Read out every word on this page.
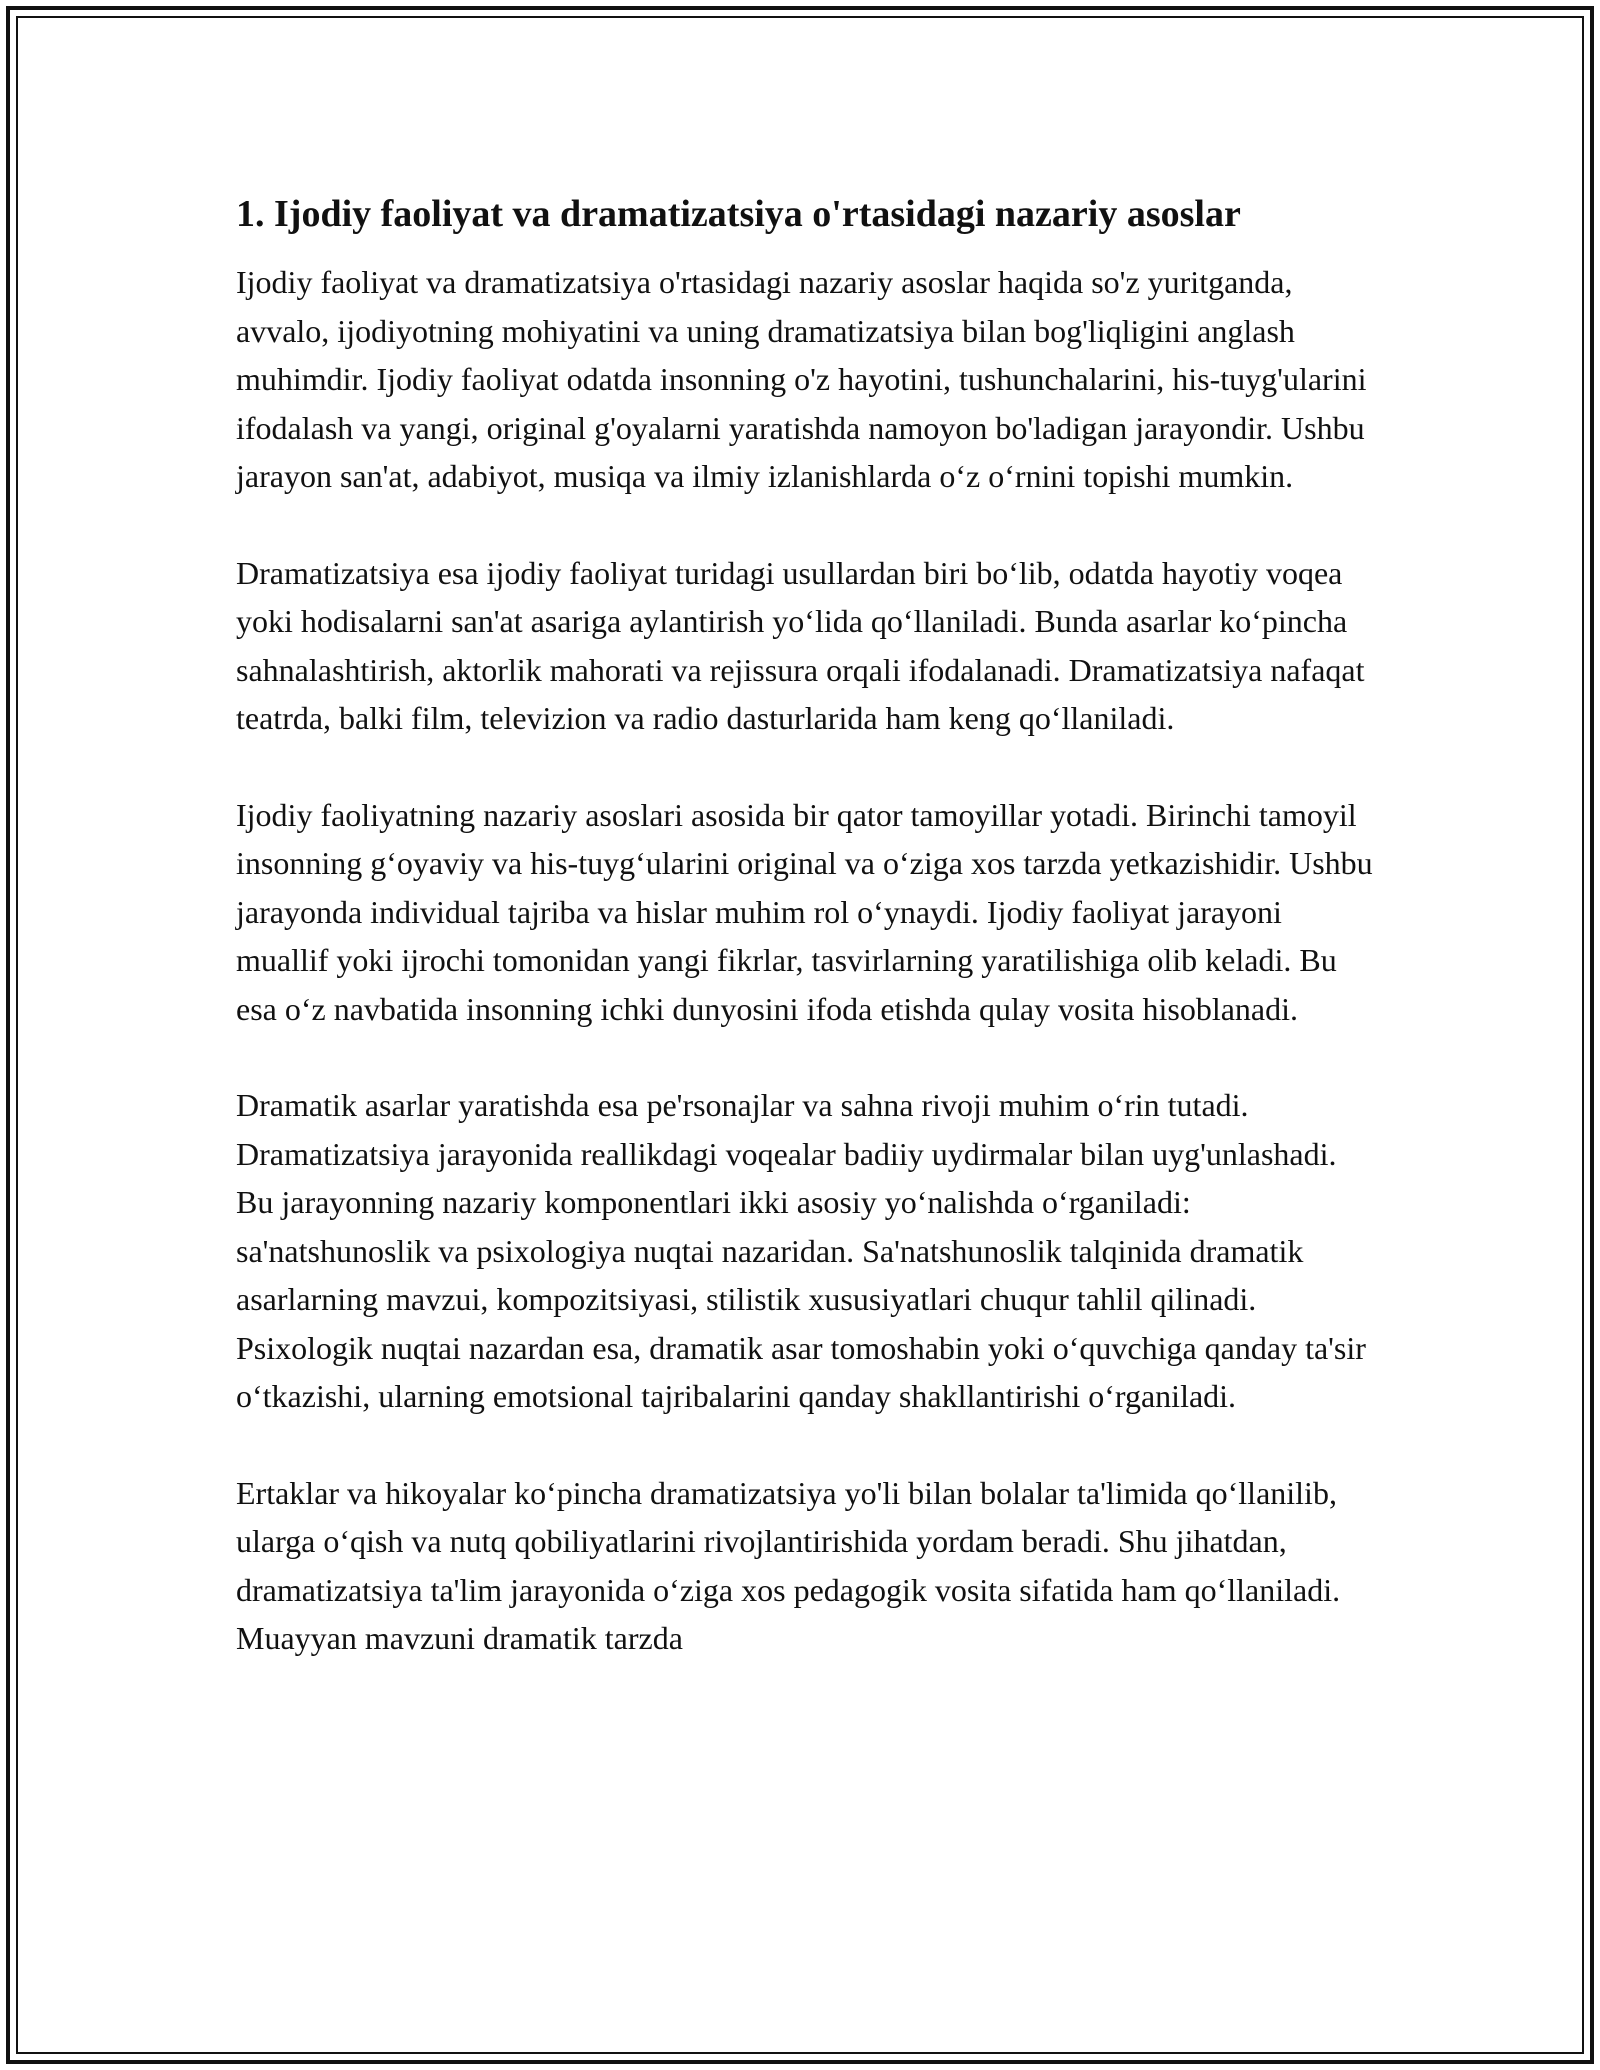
1. Ijodiy faoliyat va dramatizatsiya o'rtasidagi nazariy asoslar

Ijodiy faoliyat va dramatizatsiya o'rtasidagi nazariy asoslar haqida so'z yuritganda, avvalo, ijodiyotning mohiyatini va uning dramatizatsiya bilan bog'liqligini anglash muhimdir. Ijodiy faoliyat odatda insonning o'z hayotini, tushunchalarini, his-tuyg'ularini ifodalash va yangi, original g'oyalarni yaratishda namoyon bo'ladigan jarayondir. Ushbu jarayon san'at, adabiyot, musiqa va ilmiy izlanishlarda oʻz oʻrnini topishi mumkin.

Dramatizatsiya esa ijodiy faoliyat turidagi usullardan biri boʻlib, odatda hayotiy voqea yoki hodisalarni san'at asariga aylantirish yoʻlida qoʻllaniladi. Bunda asarlar koʻpincha sahnalashtirish, aktorlik mahorati va rejissura orqali ifodalanadi. Dramatizatsiya nafaqat teatrda, balki film, televizion va radio dasturlarida ham keng qoʻllaniladi.

Ijodiy faoliyatning nazariy asoslari asosida bir qator tamoyillar yotadi. Birinchi tamoyil insonning gʻoyaviy va his-tuygʻularini original va oʻziga xos tarzda yetkazishidir. Ushbu jarayonda individual tajriba va hislar muhim rol oʻynaydi. Ijodiy faoliyat jarayoni muallif yoki ijrochi tomonidan yangi fikrlar, tasvirlarning yaratilishiga olib keladi. Bu esa oʻz navbatida insonning ichki dunyosini ifoda etishda qulay vosita hisoblanadi.

Dramatik asarlar yaratishda esa pe'rsonajlar va sahna rivoji muhim oʻrin tutadi. Dramatizatsiya jarayonida reallikdagi voqealar badiiy uydirmalar bilan uyg'unlashadi. Bu jarayonning nazariy komponentlari ikki asosiy yoʻnalishda oʻrganiladi: sa'natshunoslik va psixologiya nuqtai nazaridan. Sa'natshunoslik talqinida dramatik asarlarning mavzui, kompozitsiyasi, stilistik xususiyatlari chuqur tahlil qilinadi. Psixologik nuqtai nazardan esa, dramatik asar tomoshabin yoki oʻquvchiga qanday ta'sir oʻtkazishi, ularning emotsional tajribalarini qanday shakllantirishi oʻrganiladi.

Ertaklar va hikoyalar koʻpincha dramatizatsiya yo'li bilan bolalar ta'limida qoʻllanilib, ularga oʻqish va nutq qobiliyatlarini rivojlantirishida yordam beradi. Shu jihatdan, dramatizatsiya ta'lim jarayonida oʻziga xos pedagogik vosita sifatida ham qoʻllaniladi. Muayyan mavzuni dramatik tarzda
